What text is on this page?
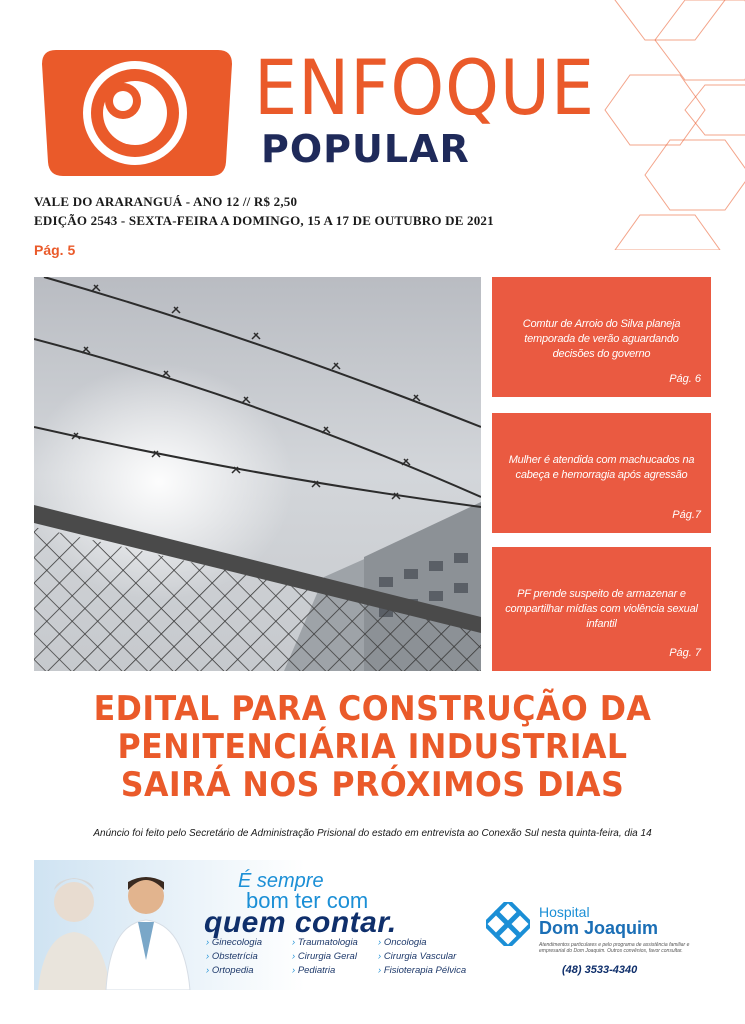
ENFOQUE
POPULAR
VALE DO ARARANGUÁ - ANO 12 // R$ 2,50
EDIÇÃO 2543 - SEXTA-FEIRA A DOMINGO, 15 A 17 DE OUTUBRO DE 2021
Pág. 5
Comtur de Arroio do Silva planeja temporada de verão aguardando decisões do governo
Pág. 6
Mulher é atendida com machucados na cabeça e hemorragia após agressão
Pág.7
PF prende suspeito de armazenar e compartilhar mídias com violência sexual infantil
Pág. 7
EDITAL PARA CONSTRUÇÃO DA
PENITENCIÁRIA INDUSTRIAL
SAIRÁ NOS PRÓXIMOS DIAS
Anúncio foi feito pelo Secretário de Administração Prisional do estado em entrevista ao Conexão Sul nesta quinta-feira, dia 14
É sempre
bom ter com
quem contar.
› Ginecologia
› Obstetrícia
› Ortopedia
› Traumatologia
› Cirurgia Geral
› Pediatria
› Oncologia
› Cirurgia Vascular
› Fisioterapia Pélvica
Hospital
Dom Joaquim
Atendimentos particulares e pelo programa de assistência familiar e empresarial do Dom Joaquim. Outros convênios, favor consultar.
(48) 3533-4340
